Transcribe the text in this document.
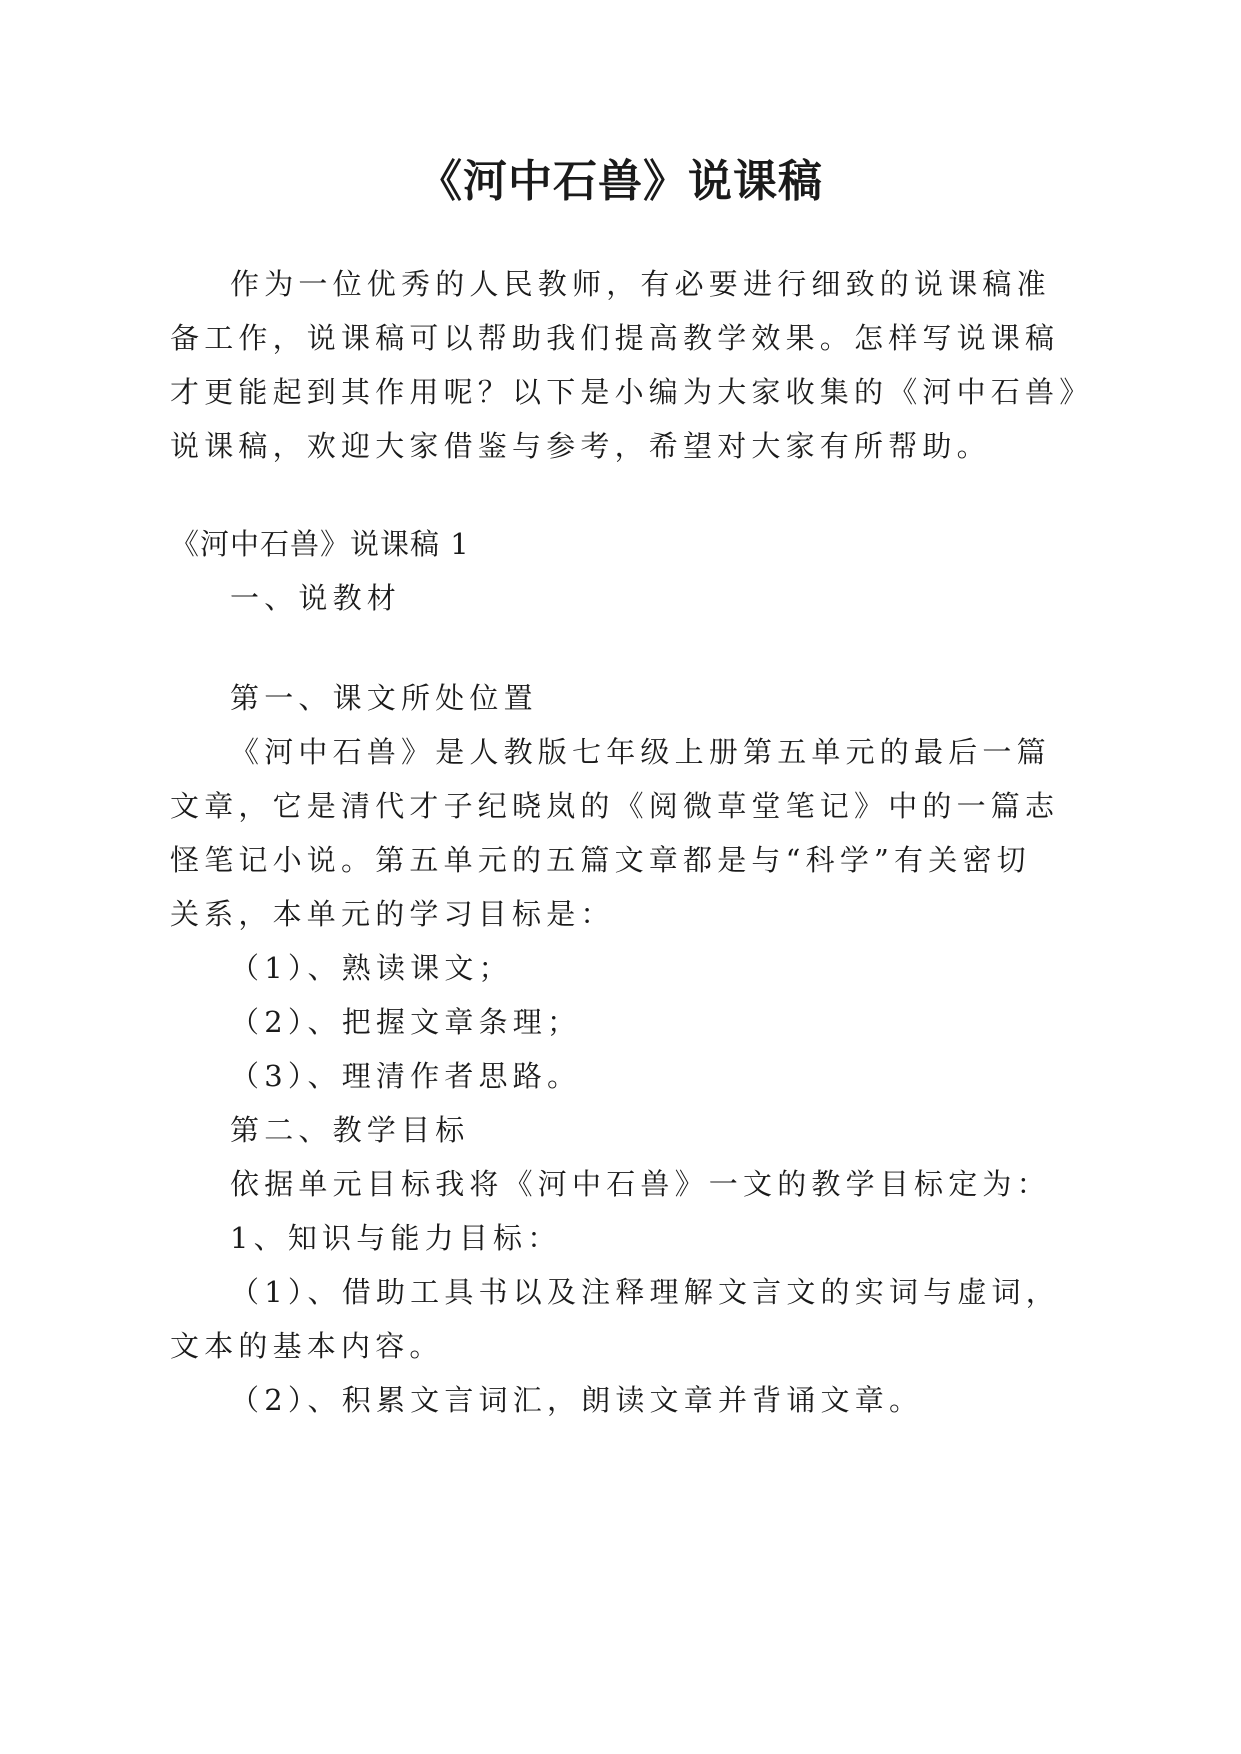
《河中石兽》说课稿
作为一位优秀的人民教师，有必要进行细致的说课稿准
备工作，说课稿可以帮助我们提高教学效果。怎样写说课稿
才更能起到其作用呢？以下是小编为大家收集的《河中石兽》
说课稿，欢迎大家借鉴与参考，希望对大家有所帮助。
《河中石兽》说课稿 1
一、说教材
第一、课文所处位置
《河中石兽》是人教版七年级上册第五单元的最后一篇
文章，它是清代才子纪晓岚的《阅微草堂笔记》中的一篇志
怪笔记小说。第五单元的五篇文章都是与“科学”有关密切
关系，本单元的学习目标是：
（1）、熟读课文；
（2）、把握文章条理；
（3）、理清作者思路。
第二、教学目标
依据单元目标我将《河中石兽》一文的教学目标定为：
1、知识与能力目标：
（1）、借助工具书以及注释理解文言文的实词与虚词，
文本的基本内容。
（2）、积累文言词汇，朗读文章并背诵文章。
